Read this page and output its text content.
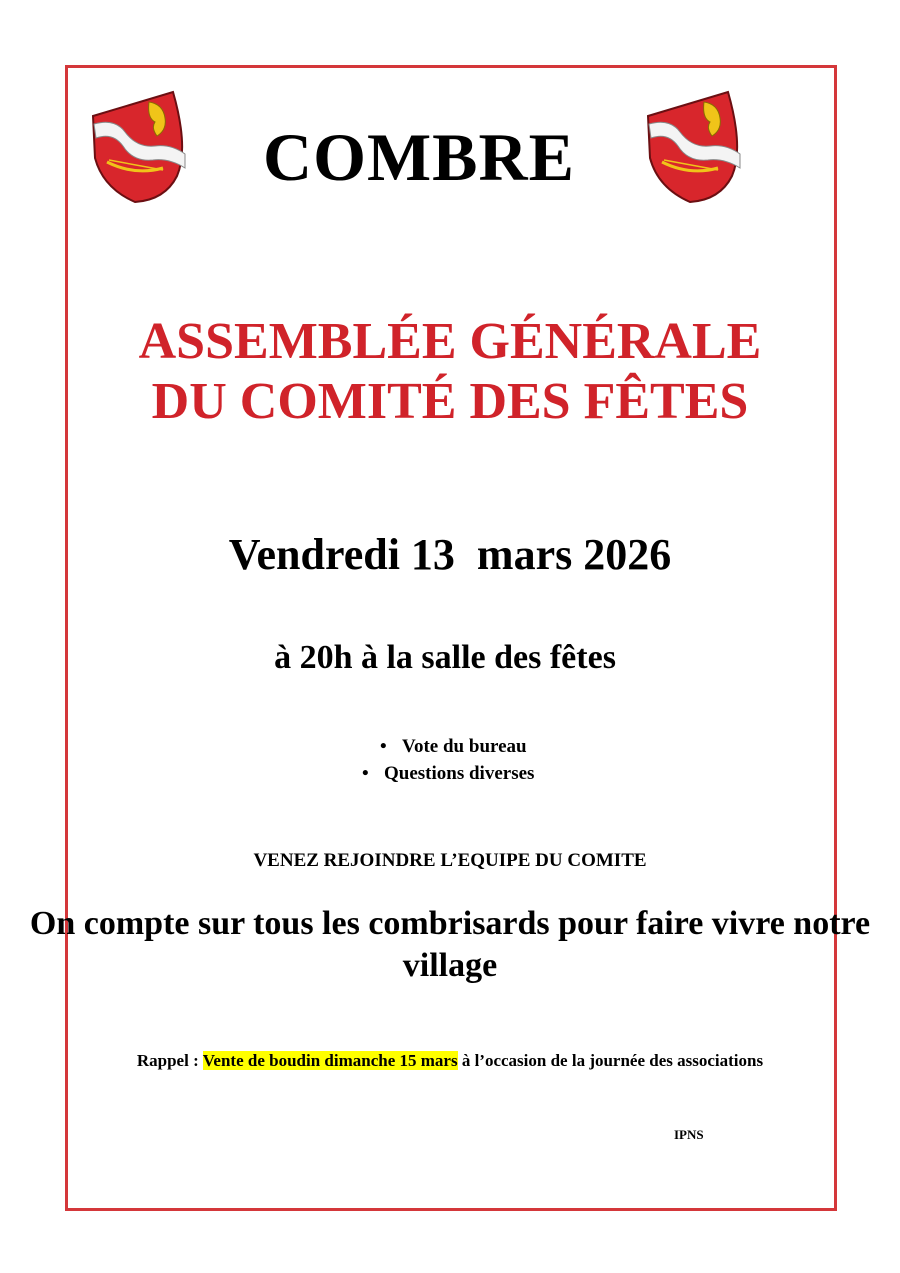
COMBRE
ASSEMBLÉE GÉNÉRALE
DU COMITÉ DES FÊTES
Vendredi 13  mars 2026
à 20h à la salle des fêtes
• Vote du bureau
• Questions diverses
VENEZ REJOINDRE L’EQUIPE DU COMITE
On compte sur tous les combrisards pour faire vivre notre village
Rappel : Vente de boudin dimanche 15 mars à l’occasion de la journée des associations
IPNS
